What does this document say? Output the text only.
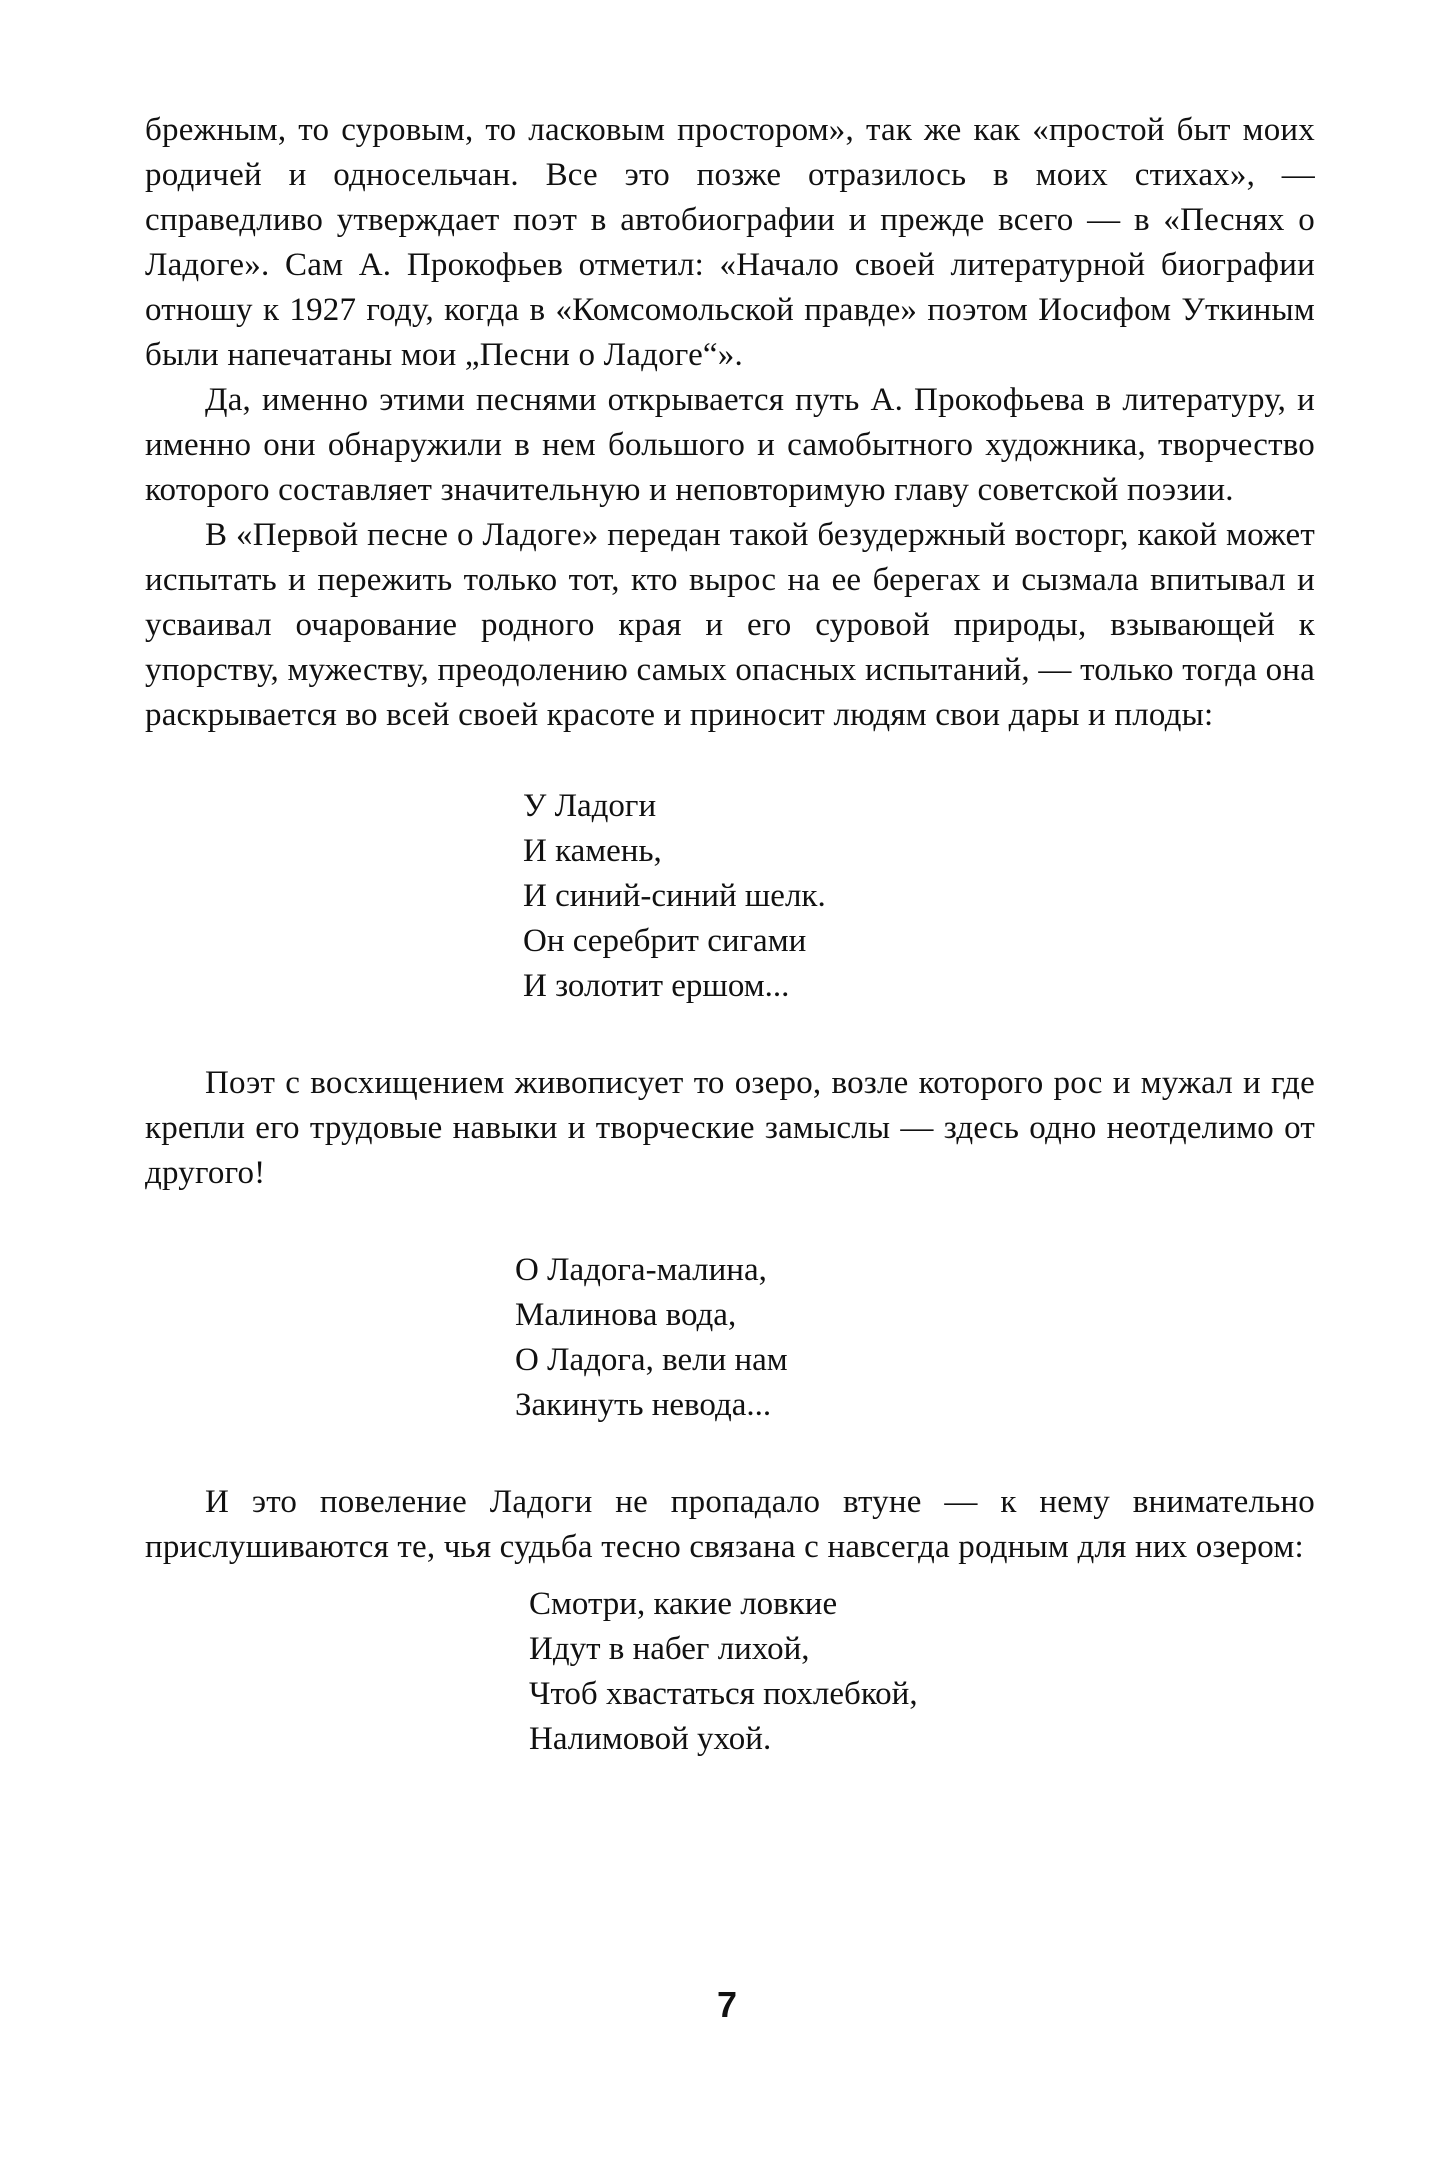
брежным, то суровым, то ласковым простором», так же как «простой быт моих родичей и односельчан. Все это позже отразилось в моих стихах», — справедливо утверждает поэт в автобиографии и прежде всего — в «Песнях о Ладоге». Сам А. Прокофьев отметил: «Начало своей литературной биографии отношу к 1927 году, когда в «Комсомольской правде» поэтом Иосифом Уткиным были напечатаны мои „Песни о Ладоге“».

Да, именно этими песнями открывается путь А. Прокофьева в литературу, и именно они обнаружили в нем большого и самобытного художника, творчество которого составляет значительную и неповторимую главу советской поэзии.

В «Первой песне о Ладоге» передан такой безудержный восторг, какой может испытать и пережить только тот, кто вырос на ее берегах и сызмала впитывал и усваивал очарование родного края и его суровой природы, взывающей к упорству, мужеству, преодолению самых опасных испытаний, — только тогда она раскрывается во всей своей красоте и приносит людям свои дары и плоды:

У Ладоги
И камень,
И синий-синий шелк.
Он серебрит сигами
И золотит ершом...

Поэт с восхищением живописует то озеро, возле которого рос и мужал и где крепли его трудовые навыки и творческие замыслы — здесь одно неотделимо от другого!

О Ладога-малина,
Малинова вода,
О Ладога, вели нам
Закинуть невода...

И это повеление Ладоги не пропадало втуне — к нему внимательно прислушиваются те, чья судьба тесно связана с навсегда родным для них озером:

Смотри, какие ловкие
Идут в набег лихой,
Чтоб хвастаться похлебкой,
Налимовой ухой.
7
